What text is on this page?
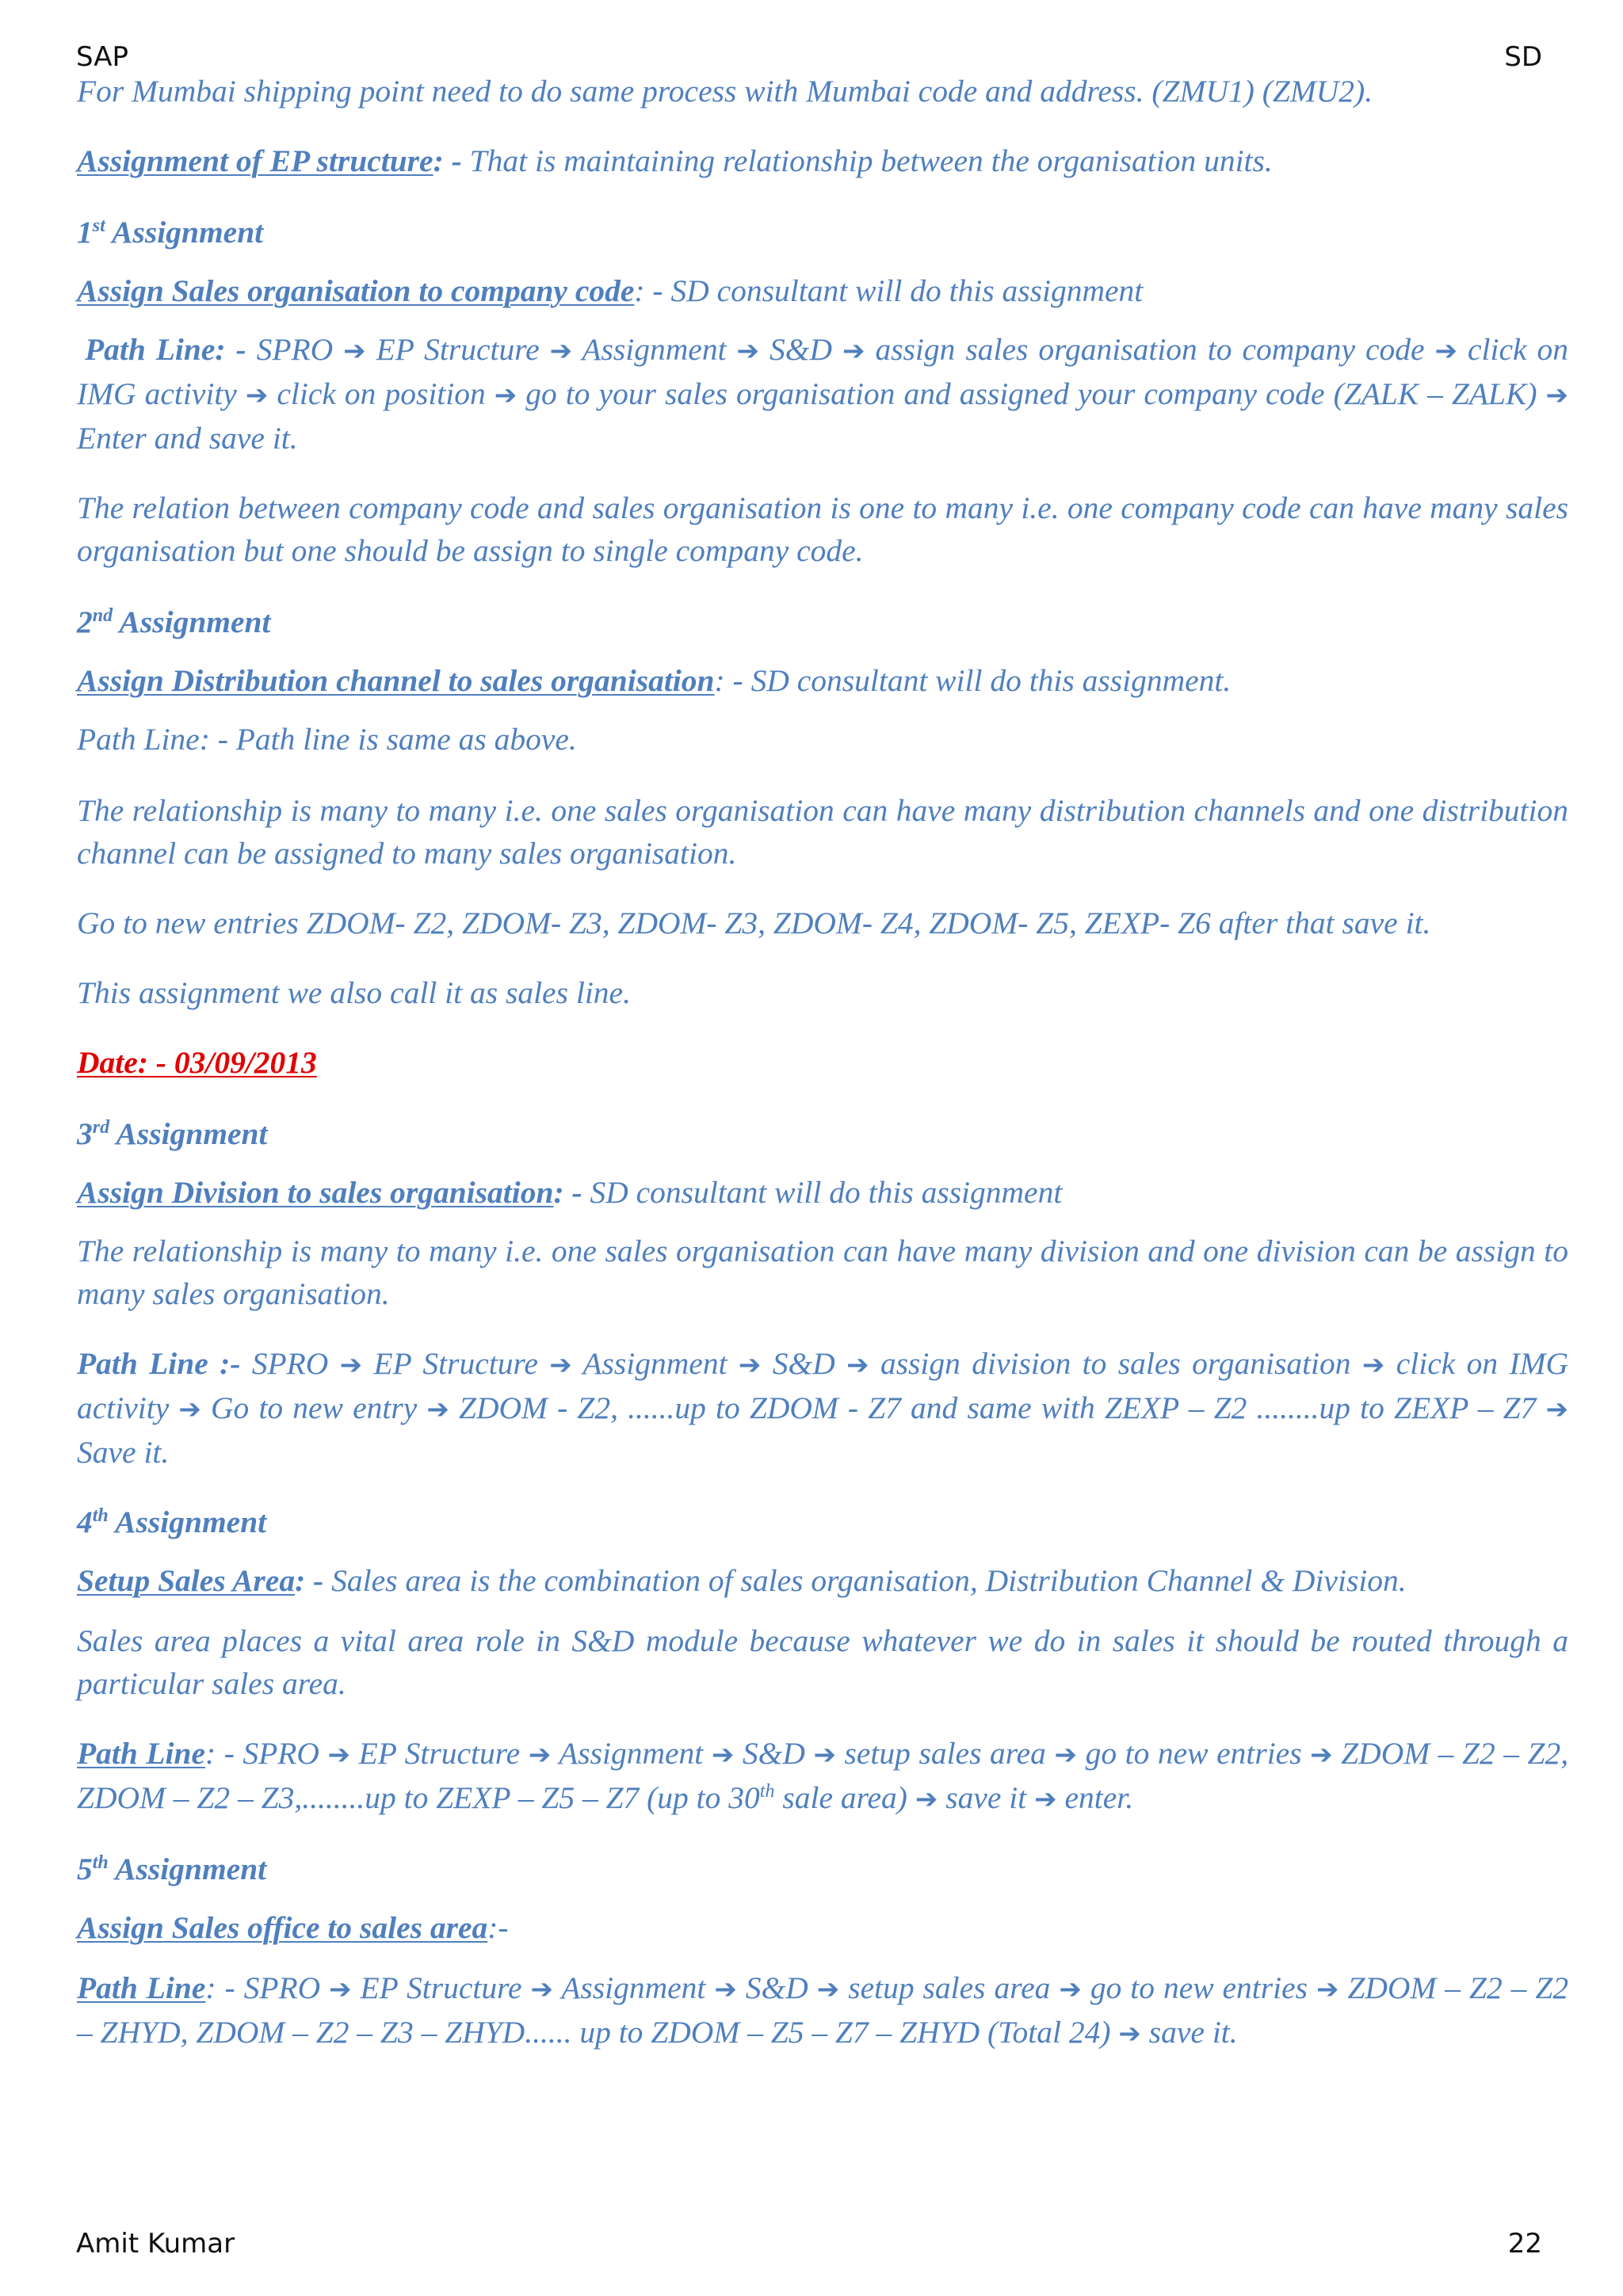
SAP	SD

For Mumbai shipping point need to do same process with Mumbai code and address. (ZMU1) (ZMU2).

Assignment of EP structure: - That is maintaining relationship between the organisation units.

1st Assignment

Assign Sales organisation to company code: - SD consultant will do this assignment

Path Line: - SPRO ➔ EP Structure ➔ Assignment ➔ S&D ➔ assign sales organisation to company code ➔ click on IMG activity ➔ click on position ➔ go to your sales organisation and assigned your company code (ZALK – ZALK) ➔ Enter and save it.

The relation between company code and sales organisation is one to many i.e. one company code can have many sales organisation but one should be assign to single company code.

2nd Assignment

Assign Distribution channel to sales organisation: - SD consultant will do this assignment.

Path Line: - Path line is same as above.

The relationship is many to many i.e. one sales organisation can have many distribution channels and one distribution channel can be assigned to many sales organisation.

Go to new entries ZDOM- Z2, ZDOM- Z3, ZDOM- Z3, ZDOM- Z4, ZDOM- Z5, ZEXP- Z6 after that save it.

This assignment we also call it as sales line.

Date: - 03/09/2013

3rd Assignment

Assign Division to sales organisation: - SD consultant will do this assignment

The relationship is many to many i.e. one sales organisation can have many division and one division can be assign to many sales organisation.

Path Line :- SPRO ➔ EP Structure ➔ Assignment ➔ S&D ➔ assign division to sales organisation ➔ click on IMG activity ➔ Go to new entry ➔ ZDOM - Z2, ......up to ZDOM - Z7 and same with ZEXP – Z2 ........up to ZEXP – Z7 ➔ Save it.

4th Assignment

Setup Sales Area: - Sales area is the combination of sales organisation, Distribution Channel & Division.

Sales area places a vital area role in S&D module because whatever we do in sales it should be routed through a particular sales area.

Path Line: - SPRO ➔ EP Structure ➔ Assignment ➔ S&D ➔ setup sales area ➔ go to new entries ➔ ZDOM – Z2 – Z2, ZDOM – Z2 – Z3,........up to ZEXP – Z5 – Z7 (up to 30th sale area) ➔ save it ➔ enter.

5th Assignment

Assign Sales office to sales area:-

Path Line: - SPRO ➔ EP Structure ➔ Assignment ➔ S&D ➔ setup sales area ➔ go to new entries ➔ ZDOM – Z2 – Z2 – ZHYD, ZDOM – Z2 – Z3 – ZHYD...... up to ZDOM – Z5 – Z7 – ZHYD (Total 24) ➔ save it.

Amit Kumar	22
